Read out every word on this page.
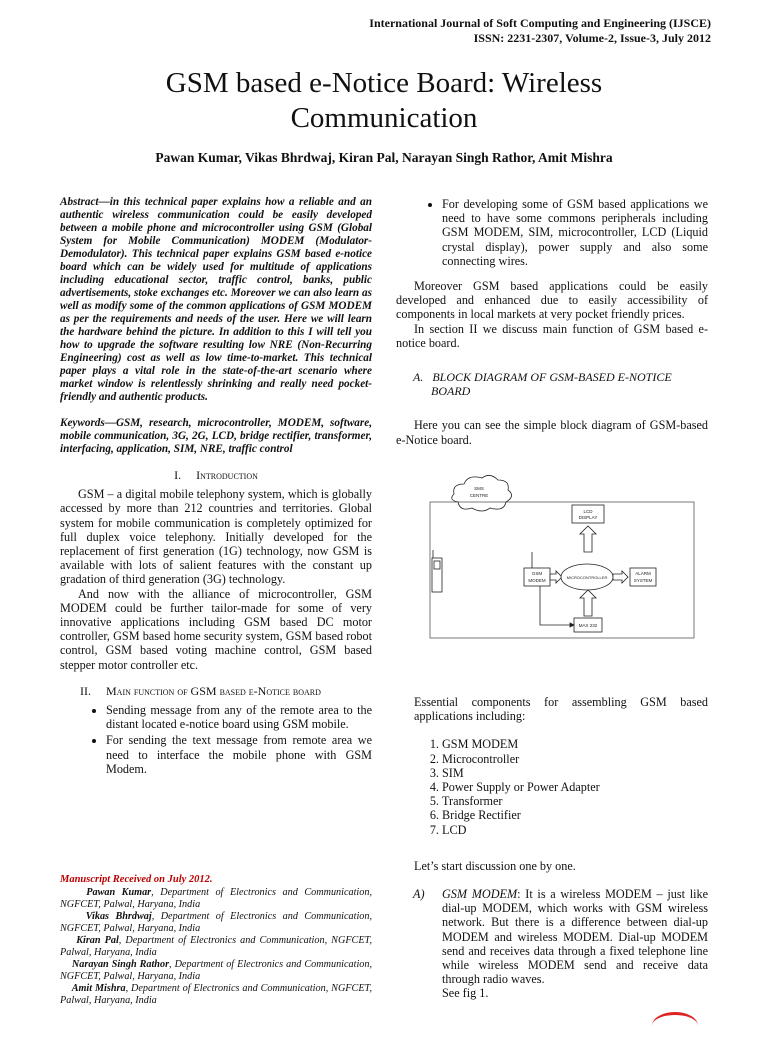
International Journal of Soft Computing and Engineering (IJSCE)
ISSN: 2231-2307, Volume-2, Issue-3, July 2012
GSM based e-Notice Board: Wireless
Communication
Pawan Kumar, Vikas Bhrdwaj, Kiran Pal, Narayan Singh Rathor, Amit Mishra
Abstract—in this technical paper explains how a reliable and an authentic wireless communication could be easily developed between a mobile phone and microcontroller using GSM (Global System for Mobile Communication) MODEM (Modulator-Demodulator). This technical paper explains GSM based e-notice board which can be widely used for multitude of applications including educational sector, traffic control, banks, public advertisements, stoke exchanges etc. Moreover we can also learn as well as modify some of the common applications of GSM MODEM as per the requirements and needs of the user. Here we will learn the hardware behind the picture. In addition to this I will tell you how to upgrade the software resulting low NRE (Non-Recurring Engineering) cost as well as low time-to-market. This technical paper plays a vital role in the state-of-the-art scenario where market window is relentlessly shrinking and really need pocket-friendly and authentic products.
Keywords—GSM, research, microcontroller, MODEM, software, mobile communication, 3G, 2G, LCD, bridge rectifier, transformer, interfacing, application, SIM, NRE, traffic control
I. Introduction

GSM – a digital mobile telephony system, which is globally accessed by more than 212 countries and territories. Global system for mobile communication is completely optimized for full duplex voice telephony. Initially developed for the replacement of first generation (1G) technology, now GSM is available with lots of salient features with the constant up gradation of third generation (3G) technology.

And now with the alliance of microcontroller, GSM MODEM could be further tailor-made for some of very innovative applications including GSM based DC motor controller, GSM based home security system, GSM based robot control, GSM based voting machine control, GSM based stepper motor controller etc.

II. Main function of GSM based e-Notice board
• Sending message from any of the remote area to the distant located e-notice board using GSM mobile.
• For sending the text message from remote area we need to interface the mobile phone with GSM Modem.
Manuscript Received on July 2012.
Pawan Kumar, Department of Electronics and Communication, NGFCET, Palwal, Haryana, India
Vikas Bhrdwaj, Department of Electronics and Communication, NGFCET, Palwal, Haryana, India
Kiran Pal, Department of Electronics and Communication, NGFCET, Palwal, Haryana, India
Narayan Singh Rathor, Department of Electronics and Communication, NGFCET, Palwal, Haryana, India
Amit Mishra, Department of Electronics and Communication, NGFCET, Palwal, Haryana, India
• For developing some of GSM based applications we need to have some commons peripherals including GSM MODEM, SIM, microcontroller, LCD (Liquid crystal display), power supply and also some connecting wires.

Moreover GSM based applications could be easily developed and enhanced due to easily accessibility of components in local markets at very pocket friendly prices.

In section II we discuss main function of GSM based e-notice board.

A. BLOCK DIAGRAM OF GSM-BASED E-NOTICE BOARD

Here you can see the simple block diagram of GSM-based e-Notice board.

SMS
CENTRE
LCD
DISPLAY
GSM
MODEM
MICROCONTROLLER
ALARM
SYSTEM
MAX 232
Essential components for assembling GSM based applications including:
1. GSM MODEM
2. Microcontroller
3. SIM
4. Power Supply or Power Adapter
5. Transformer
6. Bridge Rectifier
7. LCD
Let’s start discussion one by one.
A)	GSM MODEM: It is a wireless MODEM – just like dial-up MODEM, which works with GSM wireless network. But there is a difference between dial-up MODEM and wireless MODEM. Dial-up MODEM send and receives data through a fixed telephone line while wireless MODEM send and receive data through radio waves.
See fig 1.
